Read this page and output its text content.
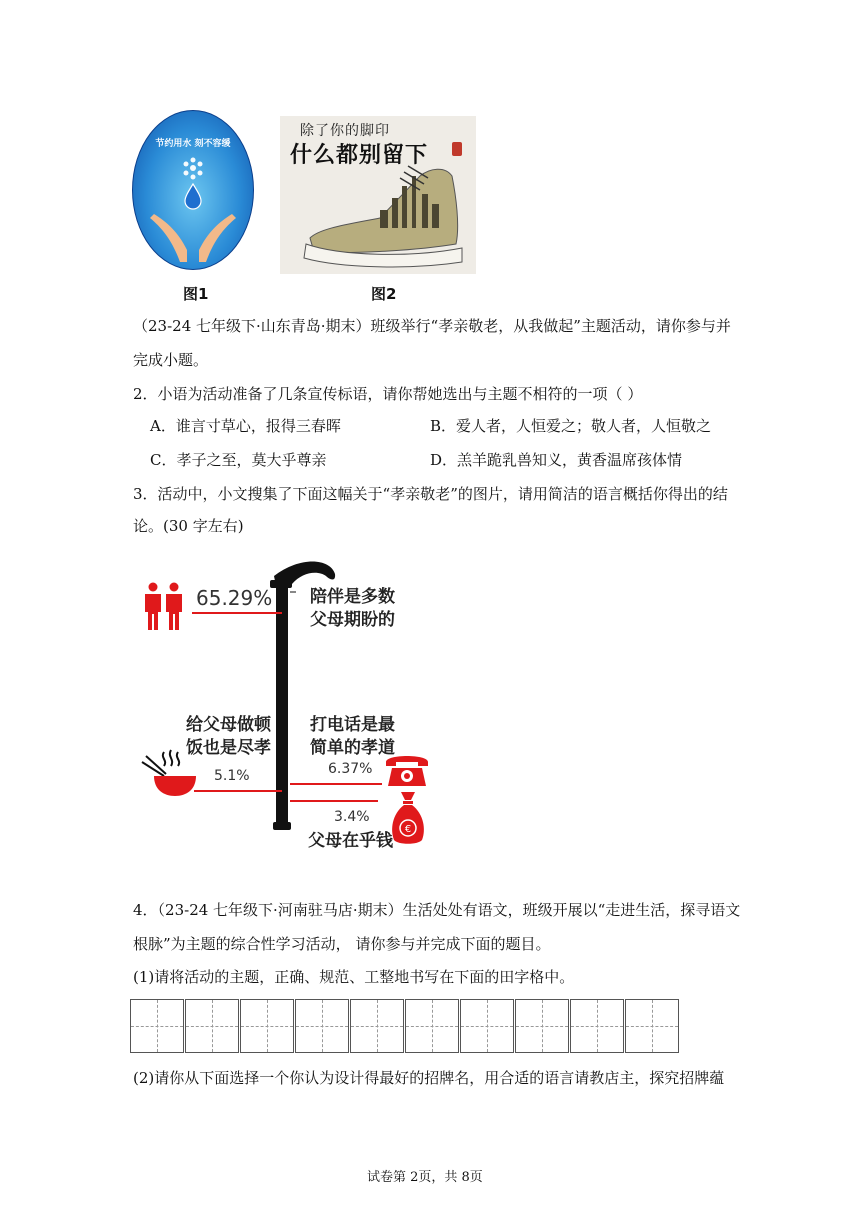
节约用水 刻不容缓
图1
除了你的脚印
什么都别留下
图2
（23-24 七年级下·山东青岛·期末）班级举行“孝亲敬老，从我做起”主题活动，请你参与并
完成小题。
2．小语为活动准备了几条宣传标语，请你帮她选出与主题不相符的一项（ ）
A．谁言寸草心，报得三春晖	B．爱人者，人恒爱之；敬人者，人恒敬之
C．孝子之至，莫大乎尊亲	D．羔羊跪乳兽知义，黄香温席孩体情
3．活动中，小文搜集了下面这幅关于“孝亲敬老”的图片，请用简洁的语言概括你得出的结
论。(30 字左右)
65.29% 陪伴是多数
父母期盼的
给父母做顿
饭也是尽孝
5.1%
打电话是最
简单的孝道
6.37%
3.4%
父母在乎钱
€
4．（23-24 七年级下·河南驻马店·期末）生活处处有语文，班级开展以“走进生活，探寻语文
根脉”为主题的综合性学习活动， 请你参与并完成下面的题目。
(1)请将活动的主题，正确、规范、工整地书写在下面的田字格中。
(2)请你从下面选择一个你认为设计得最好的招牌名，用合适的语言请教店主，探究招牌蕴
试卷第 2页，共 8页
